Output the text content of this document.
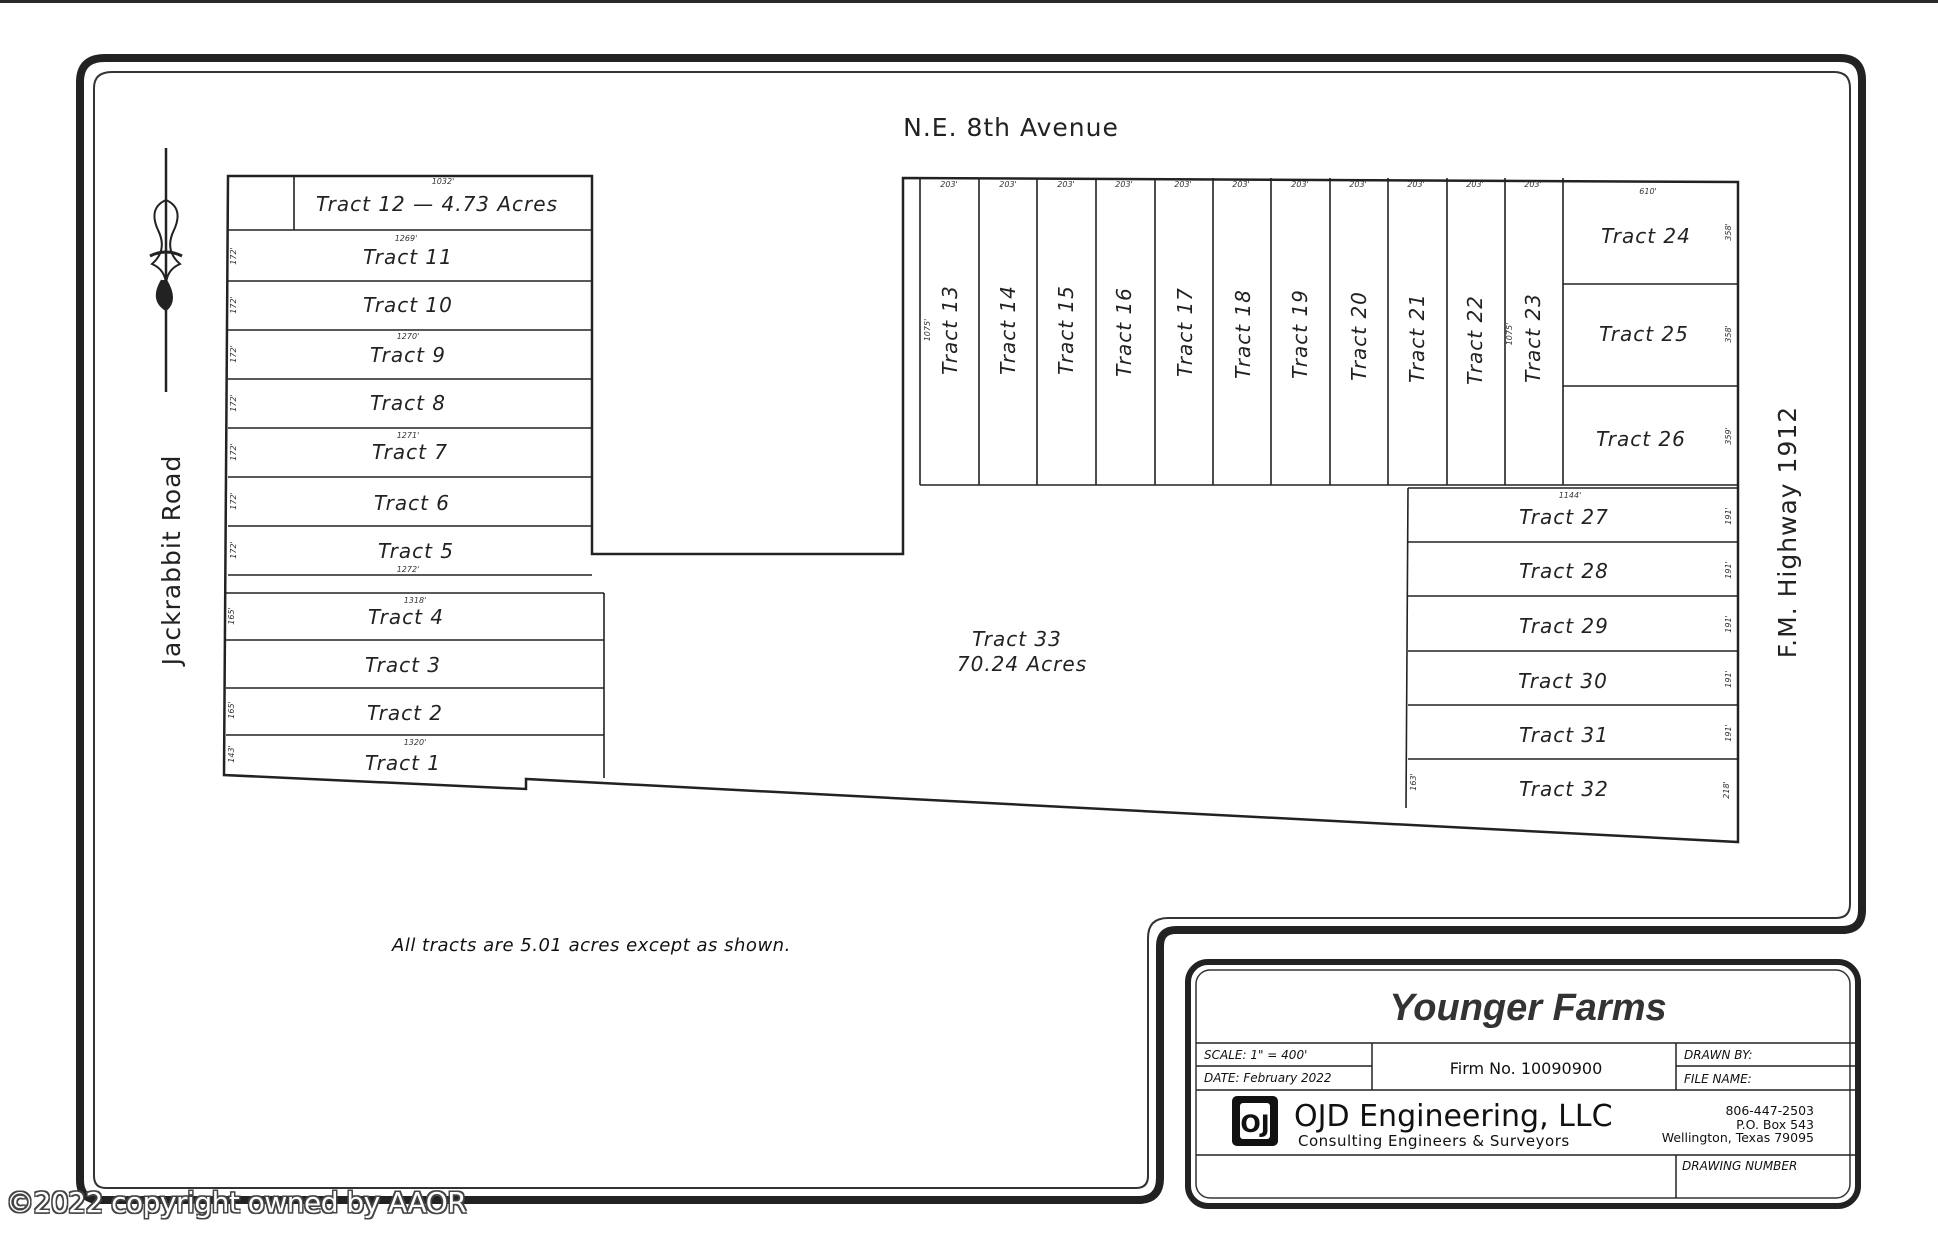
N.E. 8th Avenue
Jackrabbit Road	F.M. Highway 1912
Tract 12 — 4.73 Acres
1032'
Tract 11
1269'
Tract 10
Tract 9
1270'
Tract 8
Tract 7
1271'
Tract 6
Tract 5
1272'
Tract 4
1318'
Tract 3
Tract 2
Tract 1
1320'
172'
172'
172'
172'
172'
172'
172'
165'
165'
143'
Tract 13 Tract 14 Tract 15 Tract 16 Tract 17 Tract 18 Tract 19 Tract 20 Tract 21 Tract 22 Tract 23
203'	203'	203'	203'	203'	203'	203'	203'	203'	203'	203'
1075'	1075'
Tract 24
610'
Tract 25
Tract 26
Tract 27
1144'
Tract 28
Tract 29
Tract 30
Tract 31
Tract 32
358'
358'
359'
191'
191'
191'
191'
191'
218'
163'
Tract 33
70.24 Acres
All tracts are 5.01 acres except as shown.
Younger Farms
SCALE: 1" = 400'
DATE: February 2022	Firm No. 10090900
DRAWN BY:
FILE NAME:
OJ OJD Engineering, LLC
Consulting Engineers & Surveyors
806-447-2503
P.O. Box 543
Wellington, Texas 79095
DRAWING NUMBER
©2022 copyright owned by AAOR
